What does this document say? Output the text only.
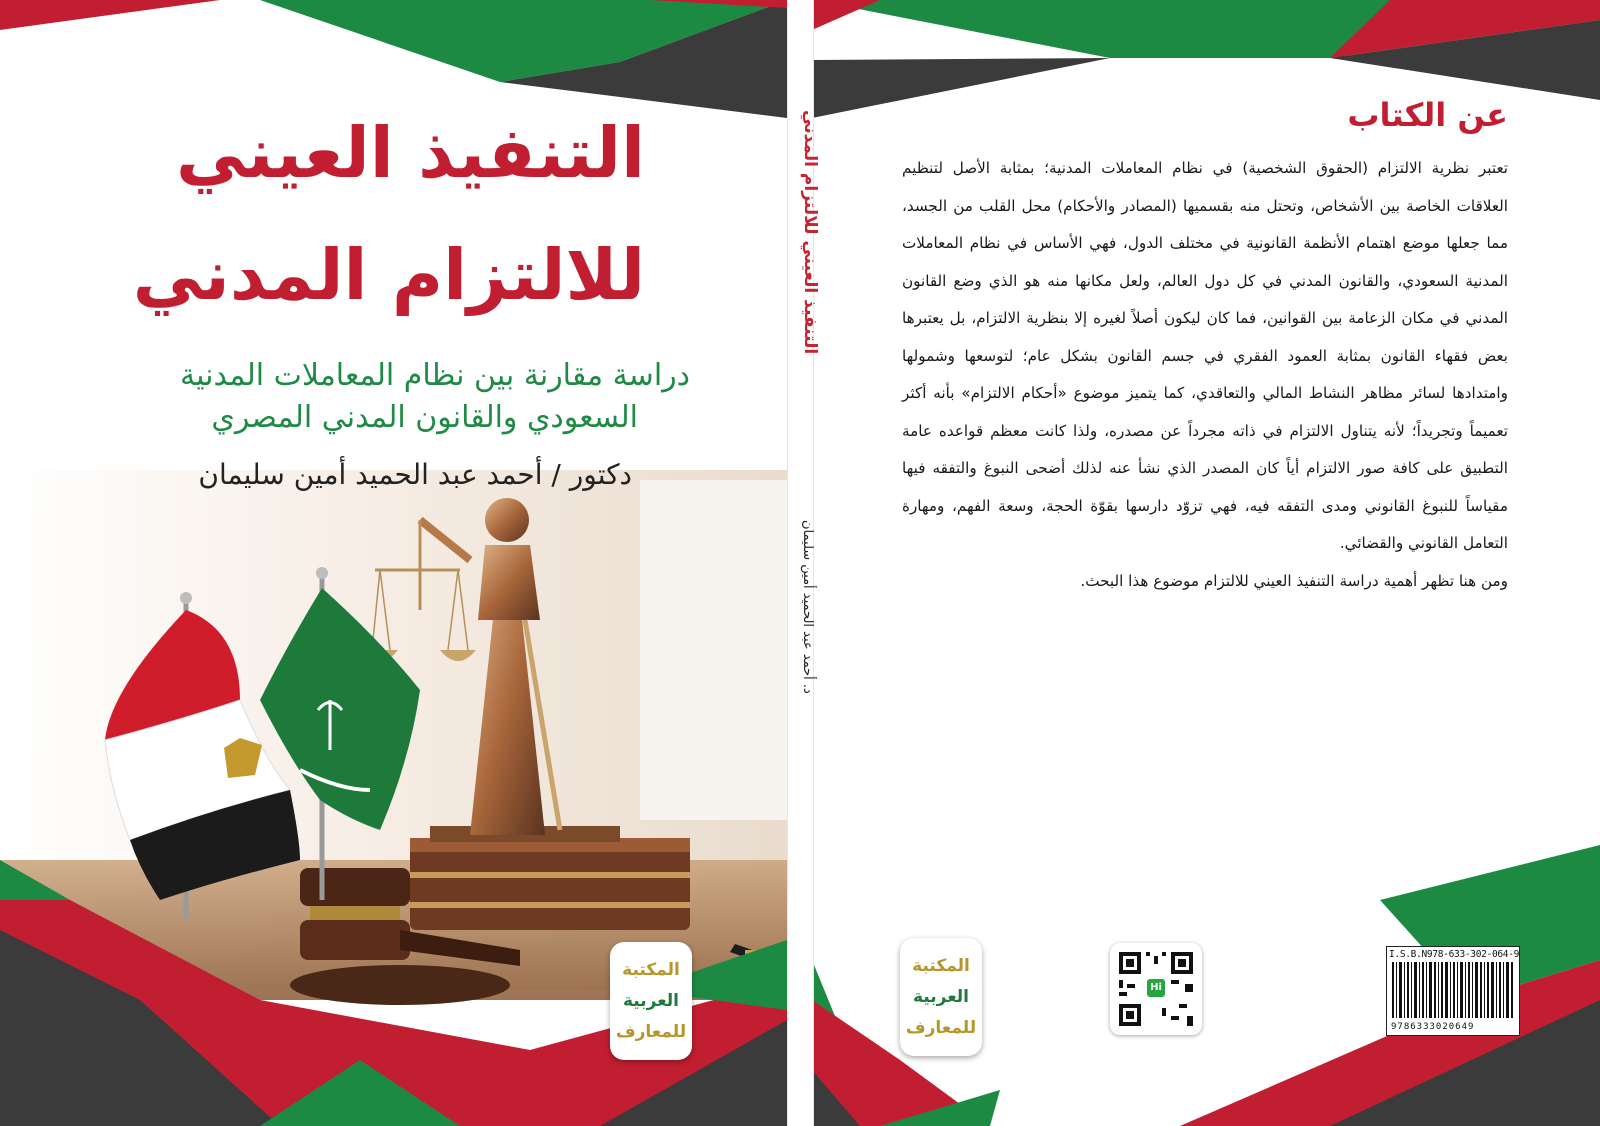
التنفيذ العيني للالتزام المدني
د. أحمد عبد الحميد أمين سليمان
التنفيذ العيني
للالتزام المدني
دراسة مقارنة بين نظام المعاملات المدنية
السعودي والقانون المدني المصري
دكتور / أحمد عبد الحميد أمين سليمان
عن الكتاب

تعتبر نظرية الالتزام (الحقوق الشخصية) في نظام المعاملات المدنية؛ بمثابة الأصل لتنظيم العلاقات الخاصة بين الأشخاص، وتحتل منه بقسميها (المصادر والأحكام) محل القلب من الجسد، مما جعلها موضع اهتمام الأنظمة القانونية في مختلف الدول، فهي الأساس في نظام المعاملات المدنية السعودي، والقانون المدني في كل دول العالم، ولعل مكانها منه هو الذي وضع القانون المدني في مكان الزعامة بين القوانين، فما كان ليكون أصلاً لغيره إلا بنظرية الالتزام، بل يعتبرها بعض فقهاء القانون بمثابة العمود الفقري في جسم القانون بشكل عام؛ لتوسعها وشمولها وامتدادها لسائر مظاهر النشاط المالي والتعاقدي، كما يتميز موضوع «أحكام الالتزام» بأنه أكثر تعميماً وتجريداً؛ لأنه يتناول الالتزام في ذاته مجرداً عن مصدره، ولذا كانت معظم قواعده عامة التطبيق على كافة صور الالتزام أياً كان المصدر الذي نشأ عنه لذلك أضحى النبوغ والتفقه فيها مقياساً للنبوغ القانوني ومدى التفقه فيه، فهي تزوّد دارسها بقوّة الحجة، وسعة الفهم، ومهارة التعامل القانوني والقضائي.

ومن هنا تظهر أهمية دراسة التنفيذ العيني للالتزام موضوع هذا البحث.

المكتبة
العربية
للمعارف
المكتبة
العربية
للمعارف
Hi
I.S.B.N978-633-302-064-9
9786333020649
